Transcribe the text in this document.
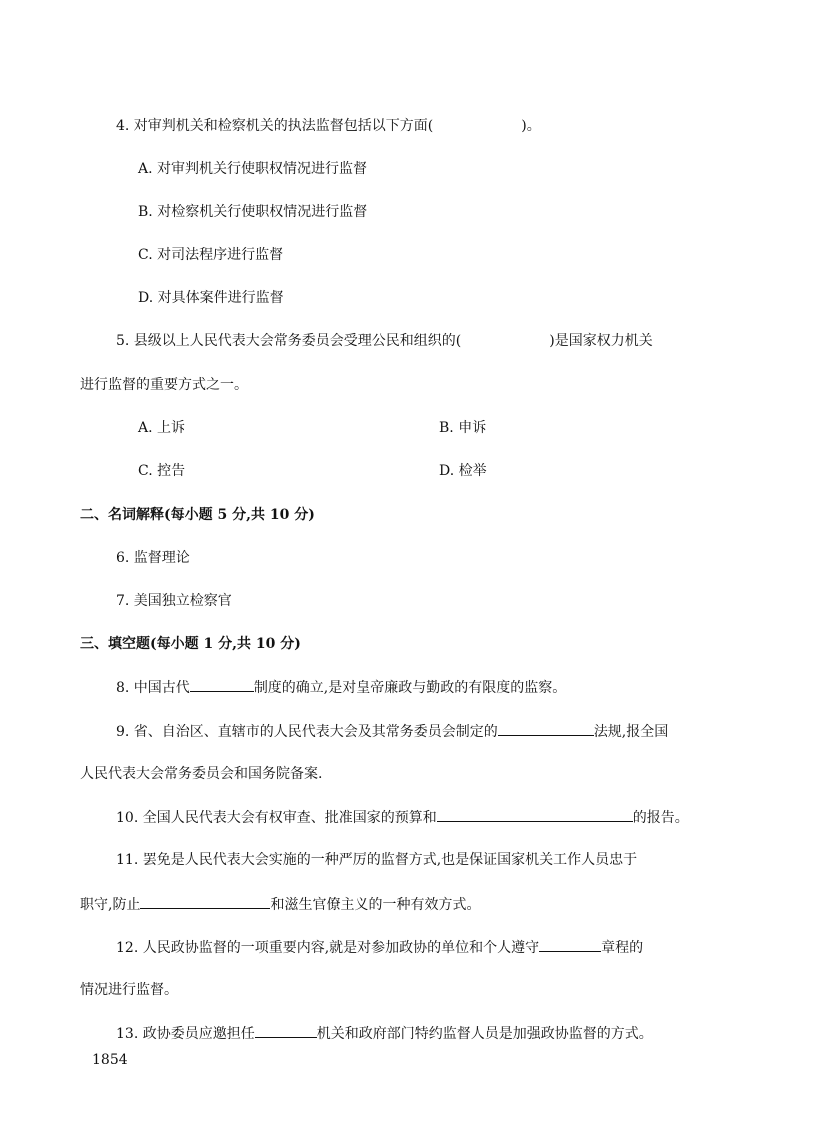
4. 对审判机关和检察机关的执法监督包括以下方面(	)。
A. 对审判机关行使职权情况进行监督
B. 对检察机关行使职权情况进行监督
C. 对司法程序进行监督
D. 对具体案件进行监督
5. 县级以上人民代表大会常务委员会受理公民和组织的(	)是国家权力机关
进行监督的重要方式之一。
A. 上诉	B. 申诉
C. 控告	D. 检举
二、名词解释(每小题 5 分,共 10 分)
6. 监督理论
7. 美国独立检察官
三、填空题(每小题 1 分,共 10 分)
8. 中国古代	制度的确立,是对皇帝廉政与勤政的有限度的监察。
9. 省、自治区、直辖市的人民代表大会及其常务委员会制定的	法规,报全国
人民代表大会常务委员会和国务院备案.
10. 全国人民代表大会有权审查、批准国家的预算和	的报告。
11. 罢免是人民代表大会实施的一种严厉的监督方式,也是保证国家机关工作人员忠于
职守,防止	和滋生官僚主义的一种有效方式。
12. 人民政协监督的一项重要内容,就是对参加政协的单位和个人遵守	章程的
情况进行监督。
13. 政协委员应邀担任	机关和政府部门特约监督人员是加强政协监督的方式。
1854
